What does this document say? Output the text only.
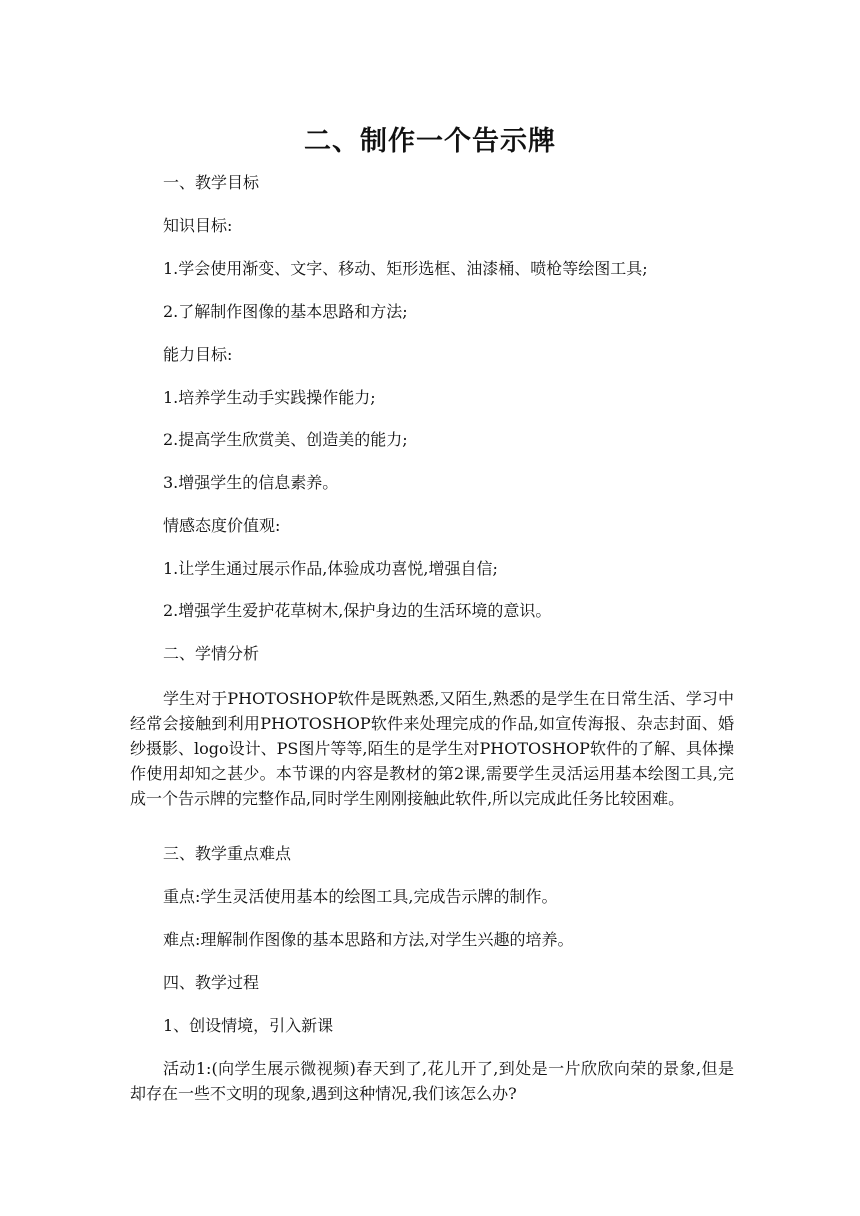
二、制作一个告示牌
一、教学目标
知识目标:
1.学会使用渐变、文字、移动、矩形选框、油漆桶、喷枪等绘图工具;
2.了解制作图像的基本思路和方法;
能力目标:
1.培养学生动手实践操作能力;
2.提高学生欣赏美、创造美的能力;
3.增强学生的信息素养。
情感态度价值观:
1.让学生通过展示作品,体验成功喜悦,增强自信;
2.增强学生爱护花草树木,保护身边的生活环境的意识。
二、学情分析
学生对于PHOTOSHOP软件是既熟悉,又陌生,熟悉的是学生在日常生活、学习中经常会接触到利用PHOTOSHOP软件来处理完成的作品,如宣传海报、杂志封面、婚纱摄影、logo设计、PS图片等等,陌生的是学生对PHOTOSHOP软件的了解、具体操作使用却知之甚少。本节课的内容是教材的第2课,需要学生灵活运用基本绘图工具,完成一个告示牌的完整作品,同时学生刚刚接触此软件,所以完成此任务比较困难。
三、教学重点难点
重点:学生灵活使用基本的绘图工具,完成告示牌的制作。
难点:理解制作图像的基本思路和方法,对学生兴趣的培养。
四、教学过程
1、创设情境，引入新课
活动1:(向学生展示微视频)春天到了,花儿开了,到处是一片欣欣向荣的景象,但是却存在一些不文明的现象,遇到这种情况,我们该怎么办?
